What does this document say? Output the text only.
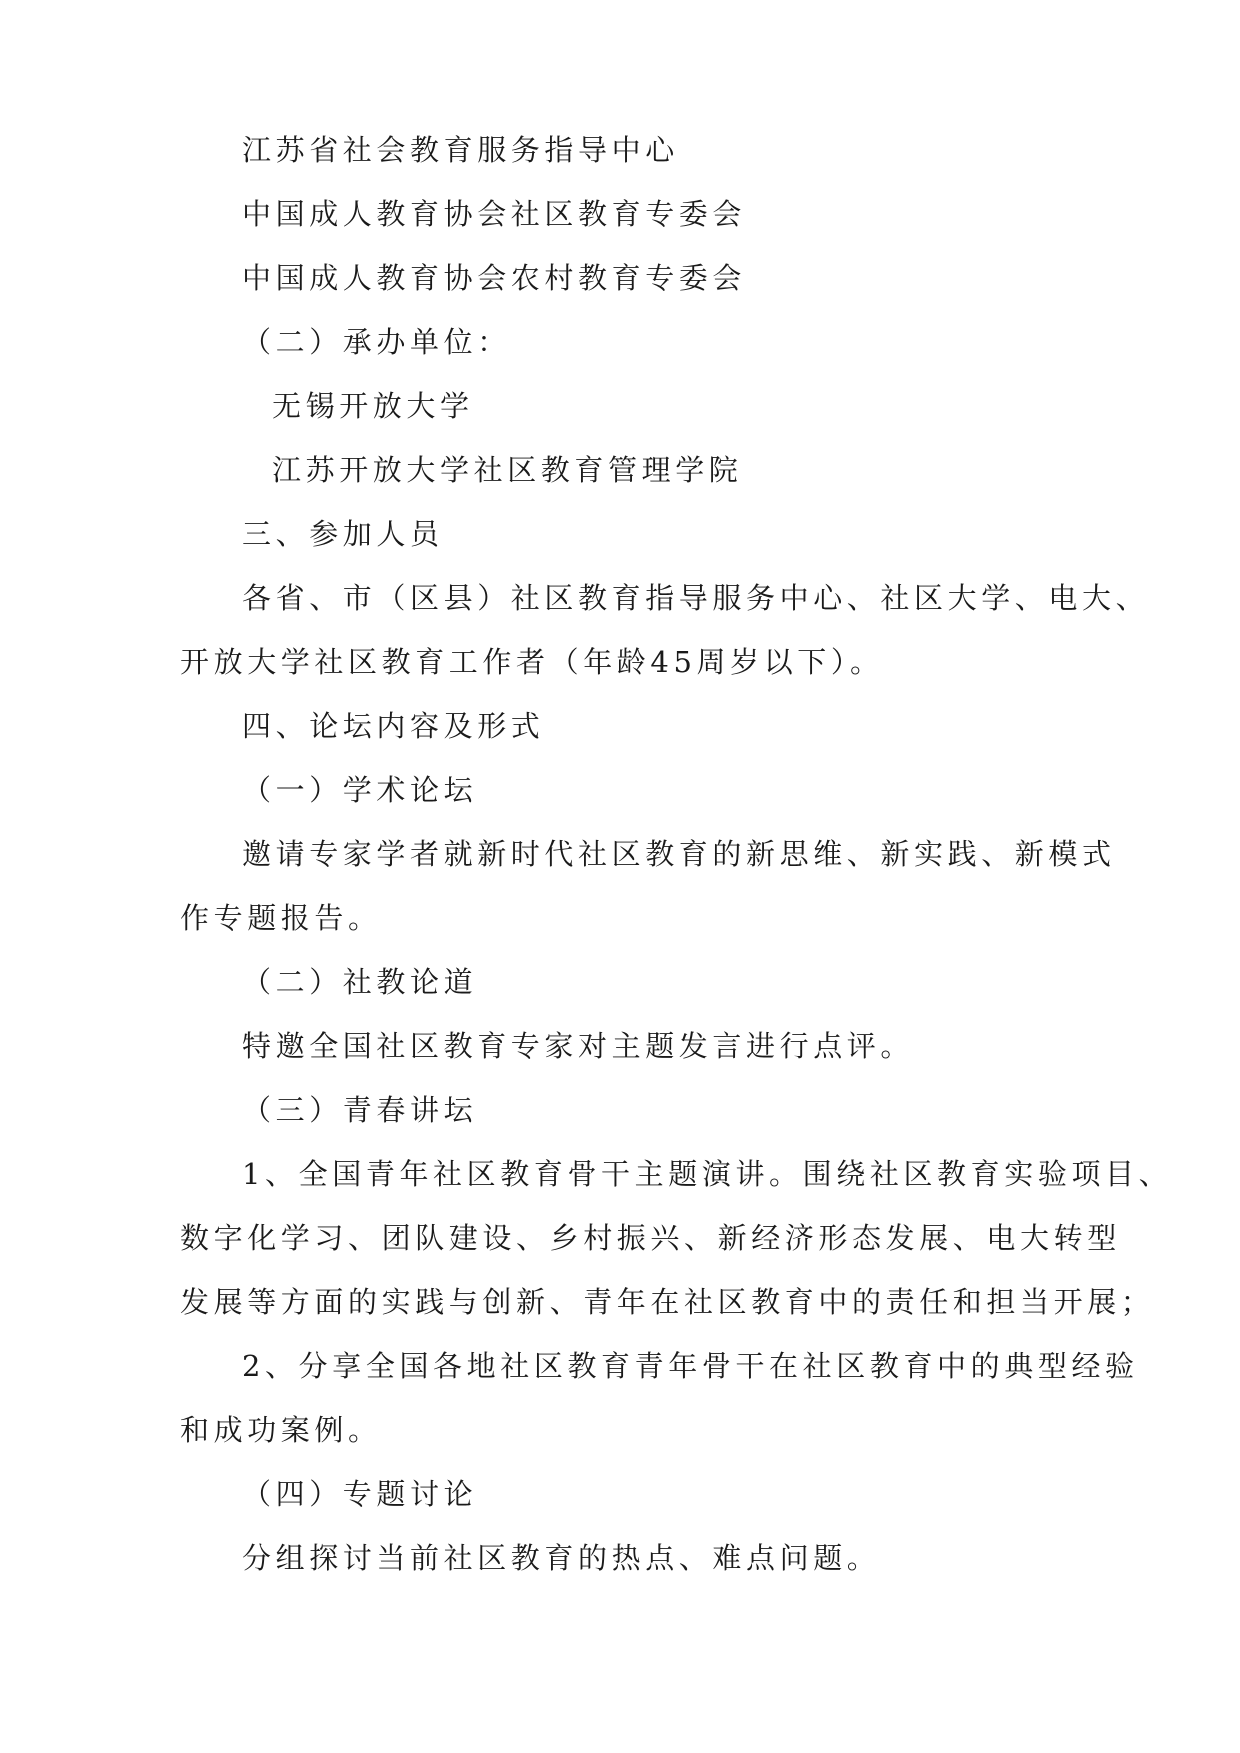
江苏省社会教育服务指导中心
中国成人教育协会社区教育专委会
中国成人教育协会农村教育专委会
（二）承办单位：
无锡开放大学
江苏开放大学社区教育管理学院
三、参加人员
各省、市（区县）社区教育指导服务中心、社区大学、电大、
开放大学社区教育工作者（年龄45周岁以下）。
四、论坛内容及形式
（一）学术论坛
邀请专家学者就新时代社区教育的新思维、新实践、新模式
作专题报告。
（二）社教论道
特邀全国社区教育专家对主题发言进行点评。
（三）青春讲坛
1、全国青年社区教育骨干主题演讲。围绕社区教育实验项目、
数字化学习、团队建设、乡村振兴、新经济形态发展、电大转型
发展等方面的实践与创新、青年在社区教育中的责任和担当开展；
2、分享全国各地社区教育青年骨干在社区教育中的典型经验
和成功案例。
（四）专题讨论
分组探讨当前社区教育的热点、难点问题。
